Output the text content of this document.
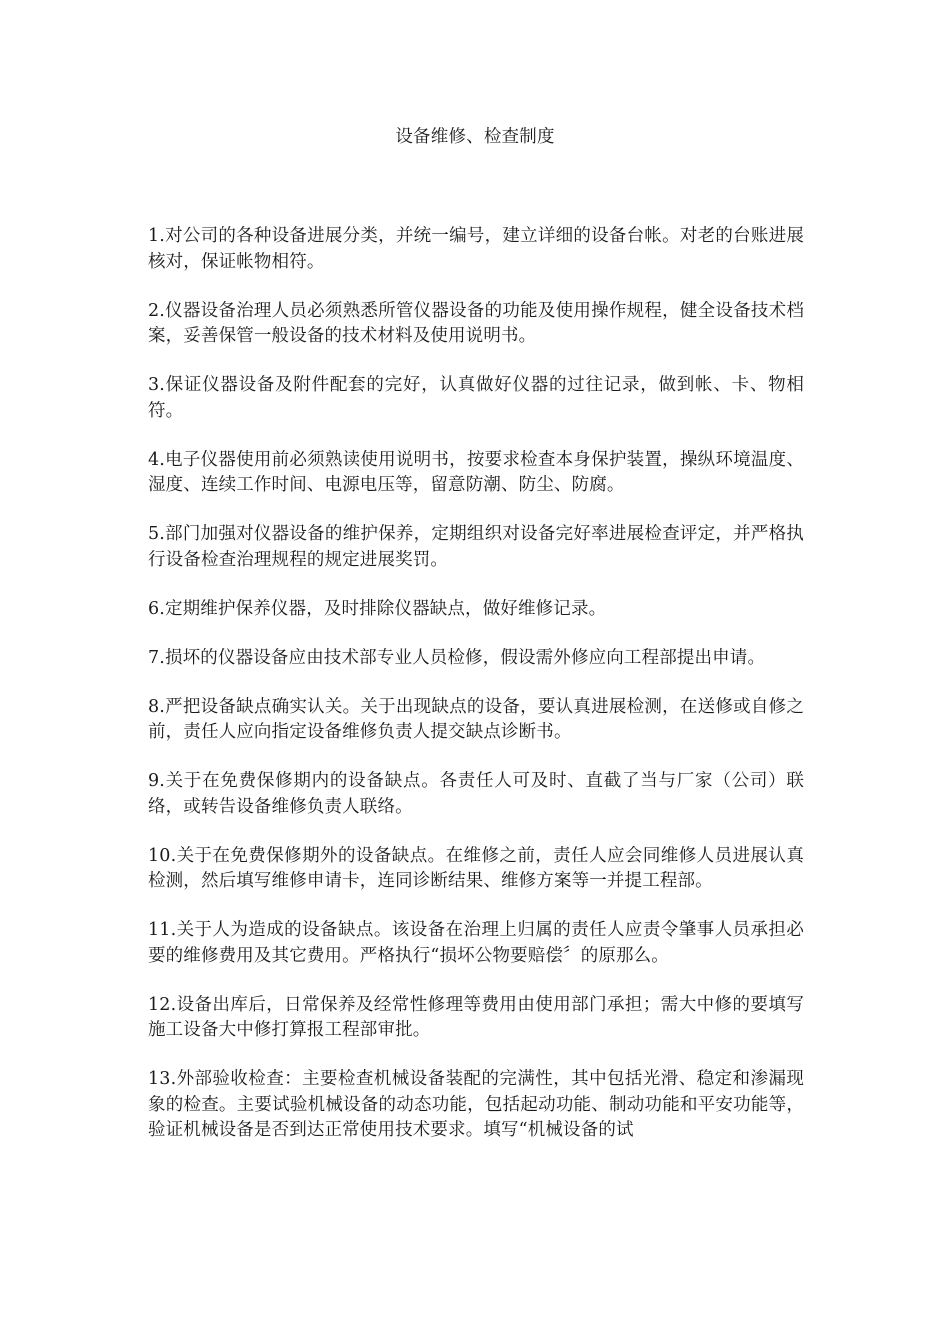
设备维修、检查制度

1.对公司的各种设备进展分类，并统一编号，建立详细的设备台帐。对老的台账进展核对，保证帐物相符。

2.仪器设备治理人员必须熟悉所管仪器设备的功能及使用操作规程，健全设备技术档案，妥善保管一般设备的技术材料及使用说明书。

3.保证仪器设备及附件配套的完好，认真做好仪器的过往记录，做到帐、卡、物相符。

4.电子仪器使用前必须熟读使用说明书，按要求检查本身保护装置，操纵环境温度、湿度、连续工作时间、电源电压等，留意防潮、防尘、防腐。

5.部门加强对仪器设备的维护保养，定期组织对设备完好率进展检查评定，并严格执行设备检查治理规程的规定进展奖罚。

6.定期维护保养仪器，及时排除仪器缺点，做好维修记录。

7.损坏的仪器设备应由技术部专业人员检修，假设需外修应向工程部提出申请。

8.严把设备缺点确实认关。关于出现缺点的设备，要认真进展检测，在送修或自修之前，责任人应向指定设备维修负责人提交缺点诊断书。

9.关于在免费保修期内的设备缺点。各责任人可及时、直截了当与厂家（公司）联络，或转告设备维修负责人联络。

10.关于在免费保修期外的设备缺点。在维修之前，责任人应会同维修人员进展认真检测，然后填写维修申请卡，连同诊断结果、维修方案等一并提工程部。

11.关于人为造成的设备缺点。该设备在治理上归属的责任人应责令肇事人员承担必要的维修费用及其它费用。严格执行“损坏公物要赔偿〞的原那么。

12.设备出库后，日常保养及经常性修理等费用由使用部门承担；需大中修的要填写施工设备大中修打算报工程部审批。

13.外部验收检查：主要检查机械设备装配的完满性，其中包括光滑、稳定和渗漏现象的检查。主要试验机械设备的动态功能，包括起动功能、制动功能和平安功能等，验证机械设备是否到达正常使用技术要求。填写“机械设备的试
